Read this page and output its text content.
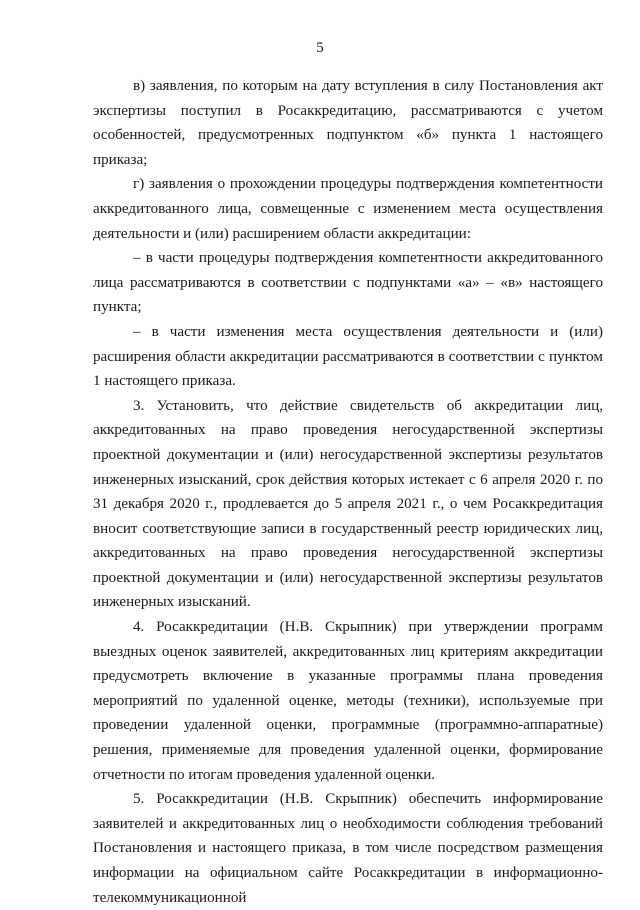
5

в) заявления, по которым на дату вступления в силу Постановления акт экспертизы поступил в Росаккредитацию, рассматриваются с учетом особенностей, предусмотренных подпунктом «б» пункта 1 настоящего приказа;

г) заявления о прохождении процедуры подтверждения компетентности аккредитованного лица, совмещенные с изменением места осуществления деятельности и (или) расширением области аккредитации:

– в части процедуры подтверждения компетентности аккредитованного лица рассматриваются в соответствии с подпунктами «а» – «в» настоящего пункта;

– в части изменения места осуществления деятельности и (или) расширения области аккредитации рассматриваются в соответствии с пунктом 1 настоящего приказа.

3. Установить, что действие свидетельств об аккредитации лиц, аккредитованных на право проведения негосударственной экспертизы проектной документации и (или) негосударственной экспертизы результатов инженерных изысканий, срок действия которых истекает с 6 апреля 2020 г. по 31 декабря 2020 г., продлевается до 5 апреля 2021 г., о чем Росаккредитация вносит соответствующие записи в государственный реестр юридических лиц, аккредитованных на право проведения негосударственной экспертизы проектной документации и (или) негосударственной экспертизы результатов инженерных изысканий.

4. Росаккредитации (Н.В. Скрыпник) при утверждении программ выездных оценок заявителей, аккредитованных лиц критериям аккредитации предусмотреть включение в указанные программы плана проведения мероприятий по удаленной оценке, методы (техники), используемые при проведении удаленной оценки, программные (программно-аппаратные) решения, применяемые для проведения удаленной оценки, формирование отчетности по итогам проведения удаленной оценки.

5. Росаккредитации (Н.В. Скрыпник) обеспечить информирование заявителей и аккредитованных лиц о необходимости соблюдения требований Постановления и настоящего приказа, в том числе посредством размещения информации на официальном сайте Росаккредитации в информационно-телекоммуникационной
